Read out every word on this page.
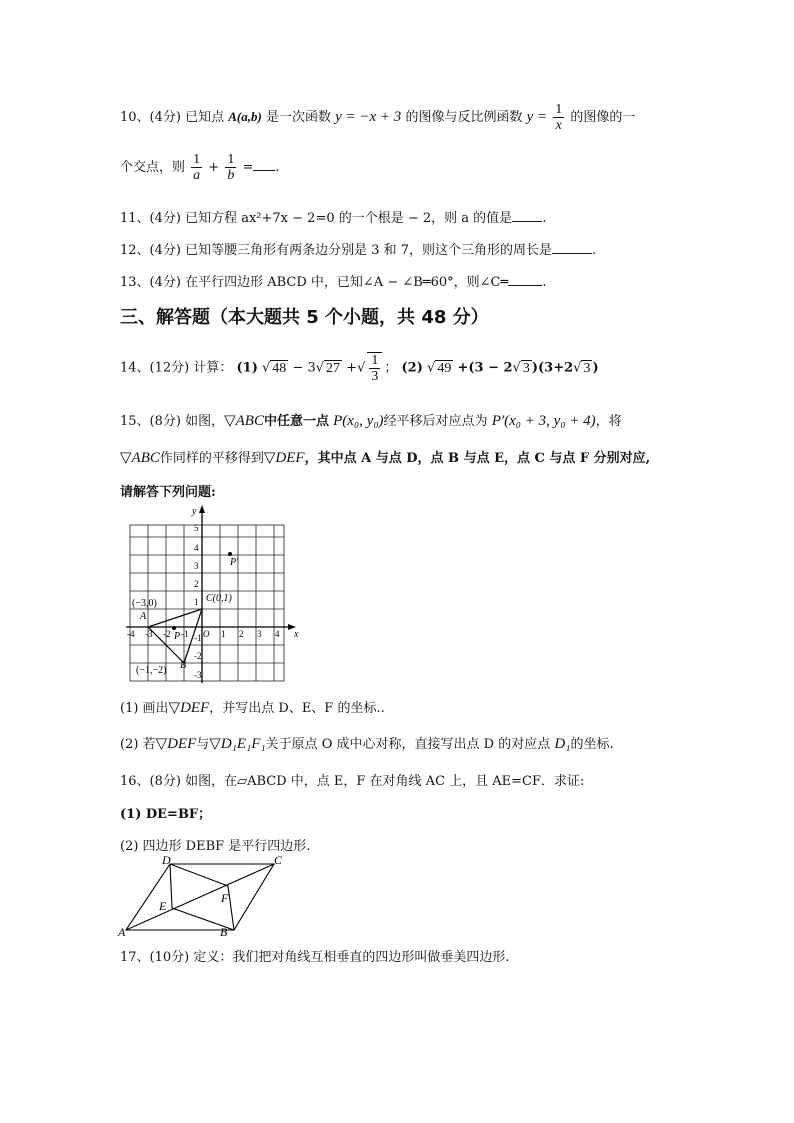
10、(4分) 已知点 A(a,b) 是一次函数 y = −x + 3 的图像与反比例函数 $y = \frac{1}{x}$ 的图像的一
个交点，则 $\frac{1}{a} + \frac{1}{b}$ = .
11、(4分) 已知方程 ax²+7x − 2=0 的一个根是 − 2，则 a 的值是 .
12、(4分) 已知等腰三角形有两条边分别是 3 和 7，则这个三角形的周长是	.
13、(4分) 在平行四边形 ABCD 中，已知∠A − ∠B═60°，则∠C═	.
三、解答题（本大题共 5 个小题，共 48 分）
14、(12分) 计算： (1) √ 48 − 3√ 27 +√ $\frac{1}{3}$ ； (2) √ 49 +(3 − 2√ 3 )(3+2√ 3 )
15、(8分) 如图，▽ABC中任意一点 P(x₀, y₀)经平移后对应点为 P′(x₀ + 3, y₀ + 4)，将
▽ABC作同样的平移得到▽DEF，其中点 A 与点 D，点 B 与点 E，点 C 与点 F 分别对应,
请解答下列问题:
y
x
5
4
3
2
1
-1
-2
-3
-4 -3 -2 -1 O 1 2 3 4
(−3,0)
A
(−1,−2) B
C(0,1)
P
P′
(1) 画出▽DEF，并写出点 D、E、F 的坐标..
(2) 若▽DEF与▽D₁E₁F₁关于原点 O 成中心对称，直接写出点 D 的对应点 D₁的坐标.
16、(8分) 如图，在▱ABCD 中，点 E，F 在对角线 AC 上，且 AE=CF．求证:
(1) DE=BF；
(2) 四边形 DEBF 是平行四边形.
A	B
C
D
E
F
17、(10分) 定义：我们把对角线互相垂直的四边形叫做垂美四边形.
